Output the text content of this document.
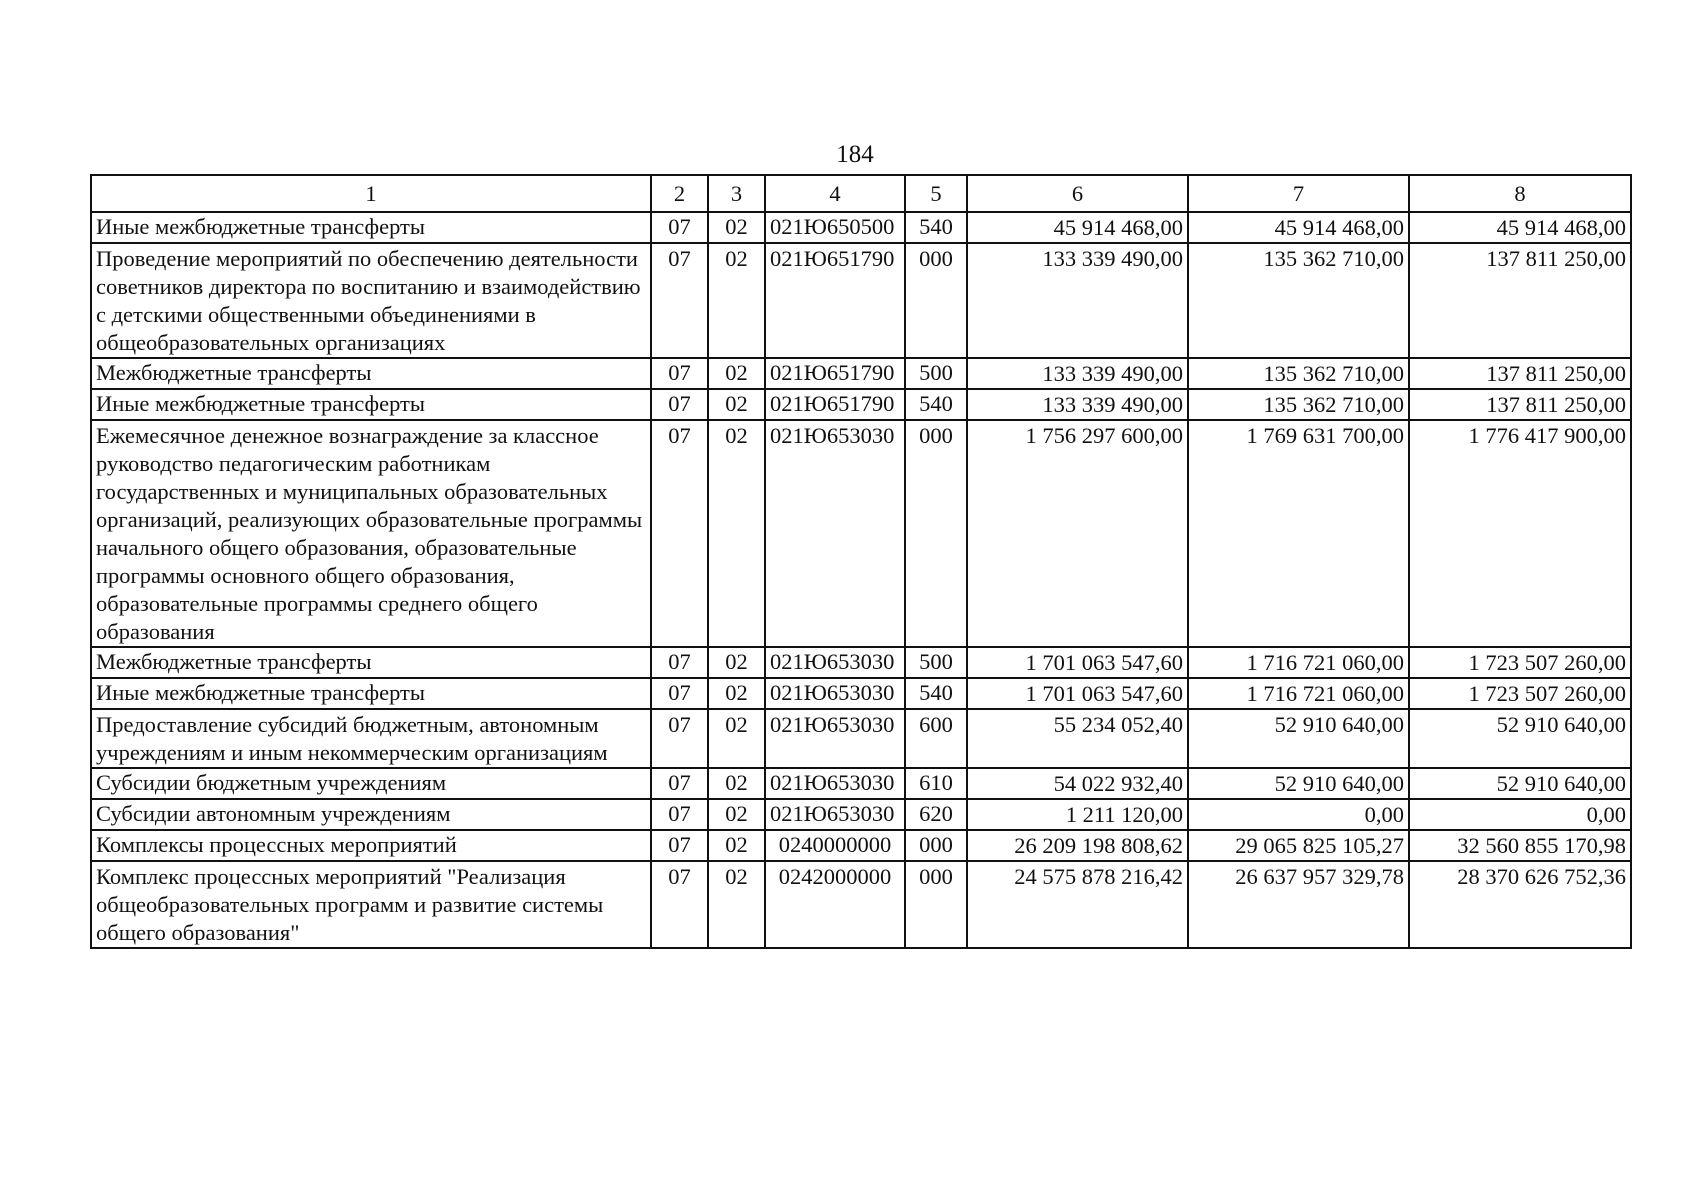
184
1	2	3	4	5	6	7	8
Иные межбюджетные трансферты	07	02	021Ю650500	540	45 914 468,00	45 914 468,00	45 914 468,00
Проведение мероприятий по обеспечению деятельности советников директора по воспитанию и взаимодействию с детскими общественными объединениями в общеобразовательных организациях	07	02	021Ю651790	000	133 339 490,00	135 362 710,00	137 811 250,00
Межбюджетные трансферты	07	02	021Ю651790	500	133 339 490,00	135 362 710,00	137 811 250,00
Иные межбюджетные трансферты	07	02	021Ю651790	540	133 339 490,00	135 362 710,00	137 811 250,00
Ежемесячное денежное вознаграждение за классное руководство педагогическим работникам государственных и муниципальных образовательных организаций, реализующих образовательные программы начального общего образования, образовательные программы основного общего образования, образовательные программы среднего общего образования	07	02	021Ю653030	000	1 756 297 600,00	1 769 631 700,00	1 776 417 900,00
Межбюджетные трансферты	07	02	021Ю653030	500	1 701 063 547,60	1 716 721 060,00	1 723 507 260,00
Иные межбюджетные трансферты	07	02	021Ю653030	540	1 701 063 547,60	1 716 721 060,00	1 723 507 260,00
Предоставление субсидий бюджетным, автономным учреждениям и иным некоммерческим организациям	07	02	021Ю653030	600	55 234 052,40	52 910 640,00	52 910 640,00
Субсидии бюджетным учреждениям	07	02	021Ю653030	610	54 022 932,40	52 910 640,00	52 910 640,00
Субсидии автономным учреждениям	07	02	021Ю653030	620	1 211 120,00	0,00	0,00
Комплексы процессных мероприятий	07	02	0240000000	000	26 209 198 808,62	29 065 825 105,27	32 560 855 170,98
Комплекс процессных мероприятий "Реализация общеобразовательных программ и развитие системы общего образования"	07	02	0242000000	000	24 575 878 216,42	26 637 957 329,78	28 370 626 752,36
